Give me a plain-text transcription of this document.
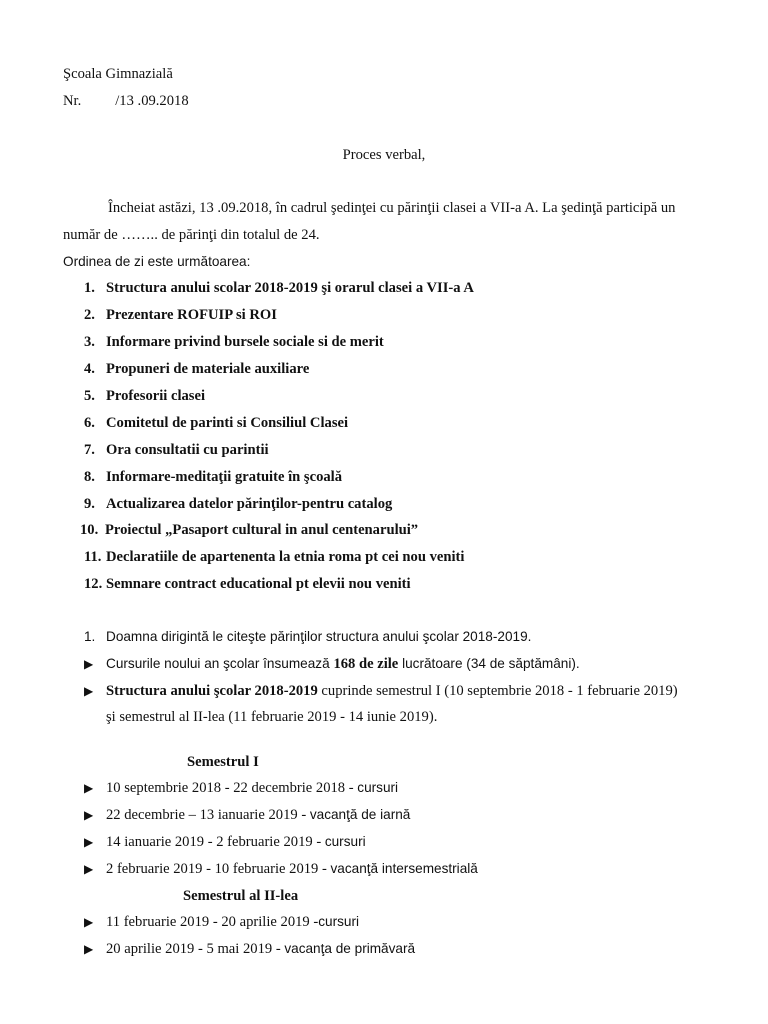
Şcoala Gimnazială
Nr. /13 .09.2018
Proces verbal,
Încheiat astăzi, 13 .09.2018, în cadrul şedinţei cu părinţii clasei a VII-a A. La şedinţă participă un
număr de …….. de părinţi din totalul de 24.
Ordinea de zi este următoarea:
1. Structura anului scolar 2018-2019 şi orarul clasei a VII-a A
2. Prezentare ROFUIP si ROI
3. Informare privind bursele sociale si de merit
4. Propuneri de materiale auxiliare
5. Profesorii clasei
6. Comitetul de parinti si Consiliul Clasei
7. Ora consultatii cu parintii
8. Informare-meditaţii gratuite în şcoală
9. Actualizarea datelor părinţilor-pentru catalog
10. Proiectul „Pasaport cultural in anul centenarului”
11. Declaratiile de apartenenta la etnia roma pt cei nou veniti
12. Semnare contract educational pt elevii nou veniti
1. Doamna dirigintă le citeşte părinţilor structura anului şcolar 2018-2019.
▶ Cursurile noului an şcolar însumează 168 de zile lucrătoare (34 de săptămâni).
▶ Structura anului şcolar 2018-2019 cuprinde semestrul I (10 septembrie 2018 - 1 februarie 2019)
şi semestrul al II-lea (11 februarie 2019 - 14 iunie 2019).
Semestrul I
▶ 10 septembrie 2018 - 22 decembrie 2018 - cursuri
▶ 22 decembrie – 13 ianuarie 2019 - vacanţă de iarnă
▶ 14 ianuarie 2019 - 2 februarie 2019 - cursuri
▶ 2 februarie 2019 - 10 februarie 2019 - vacanţă intersemestrială
Semestrul al II-lea
▶ 11 februarie 2019 - 20 aprilie 2019 -cursuri
▶ 20 aprilie 2019 - 5 mai 2019 - vacanţa de primăvară
